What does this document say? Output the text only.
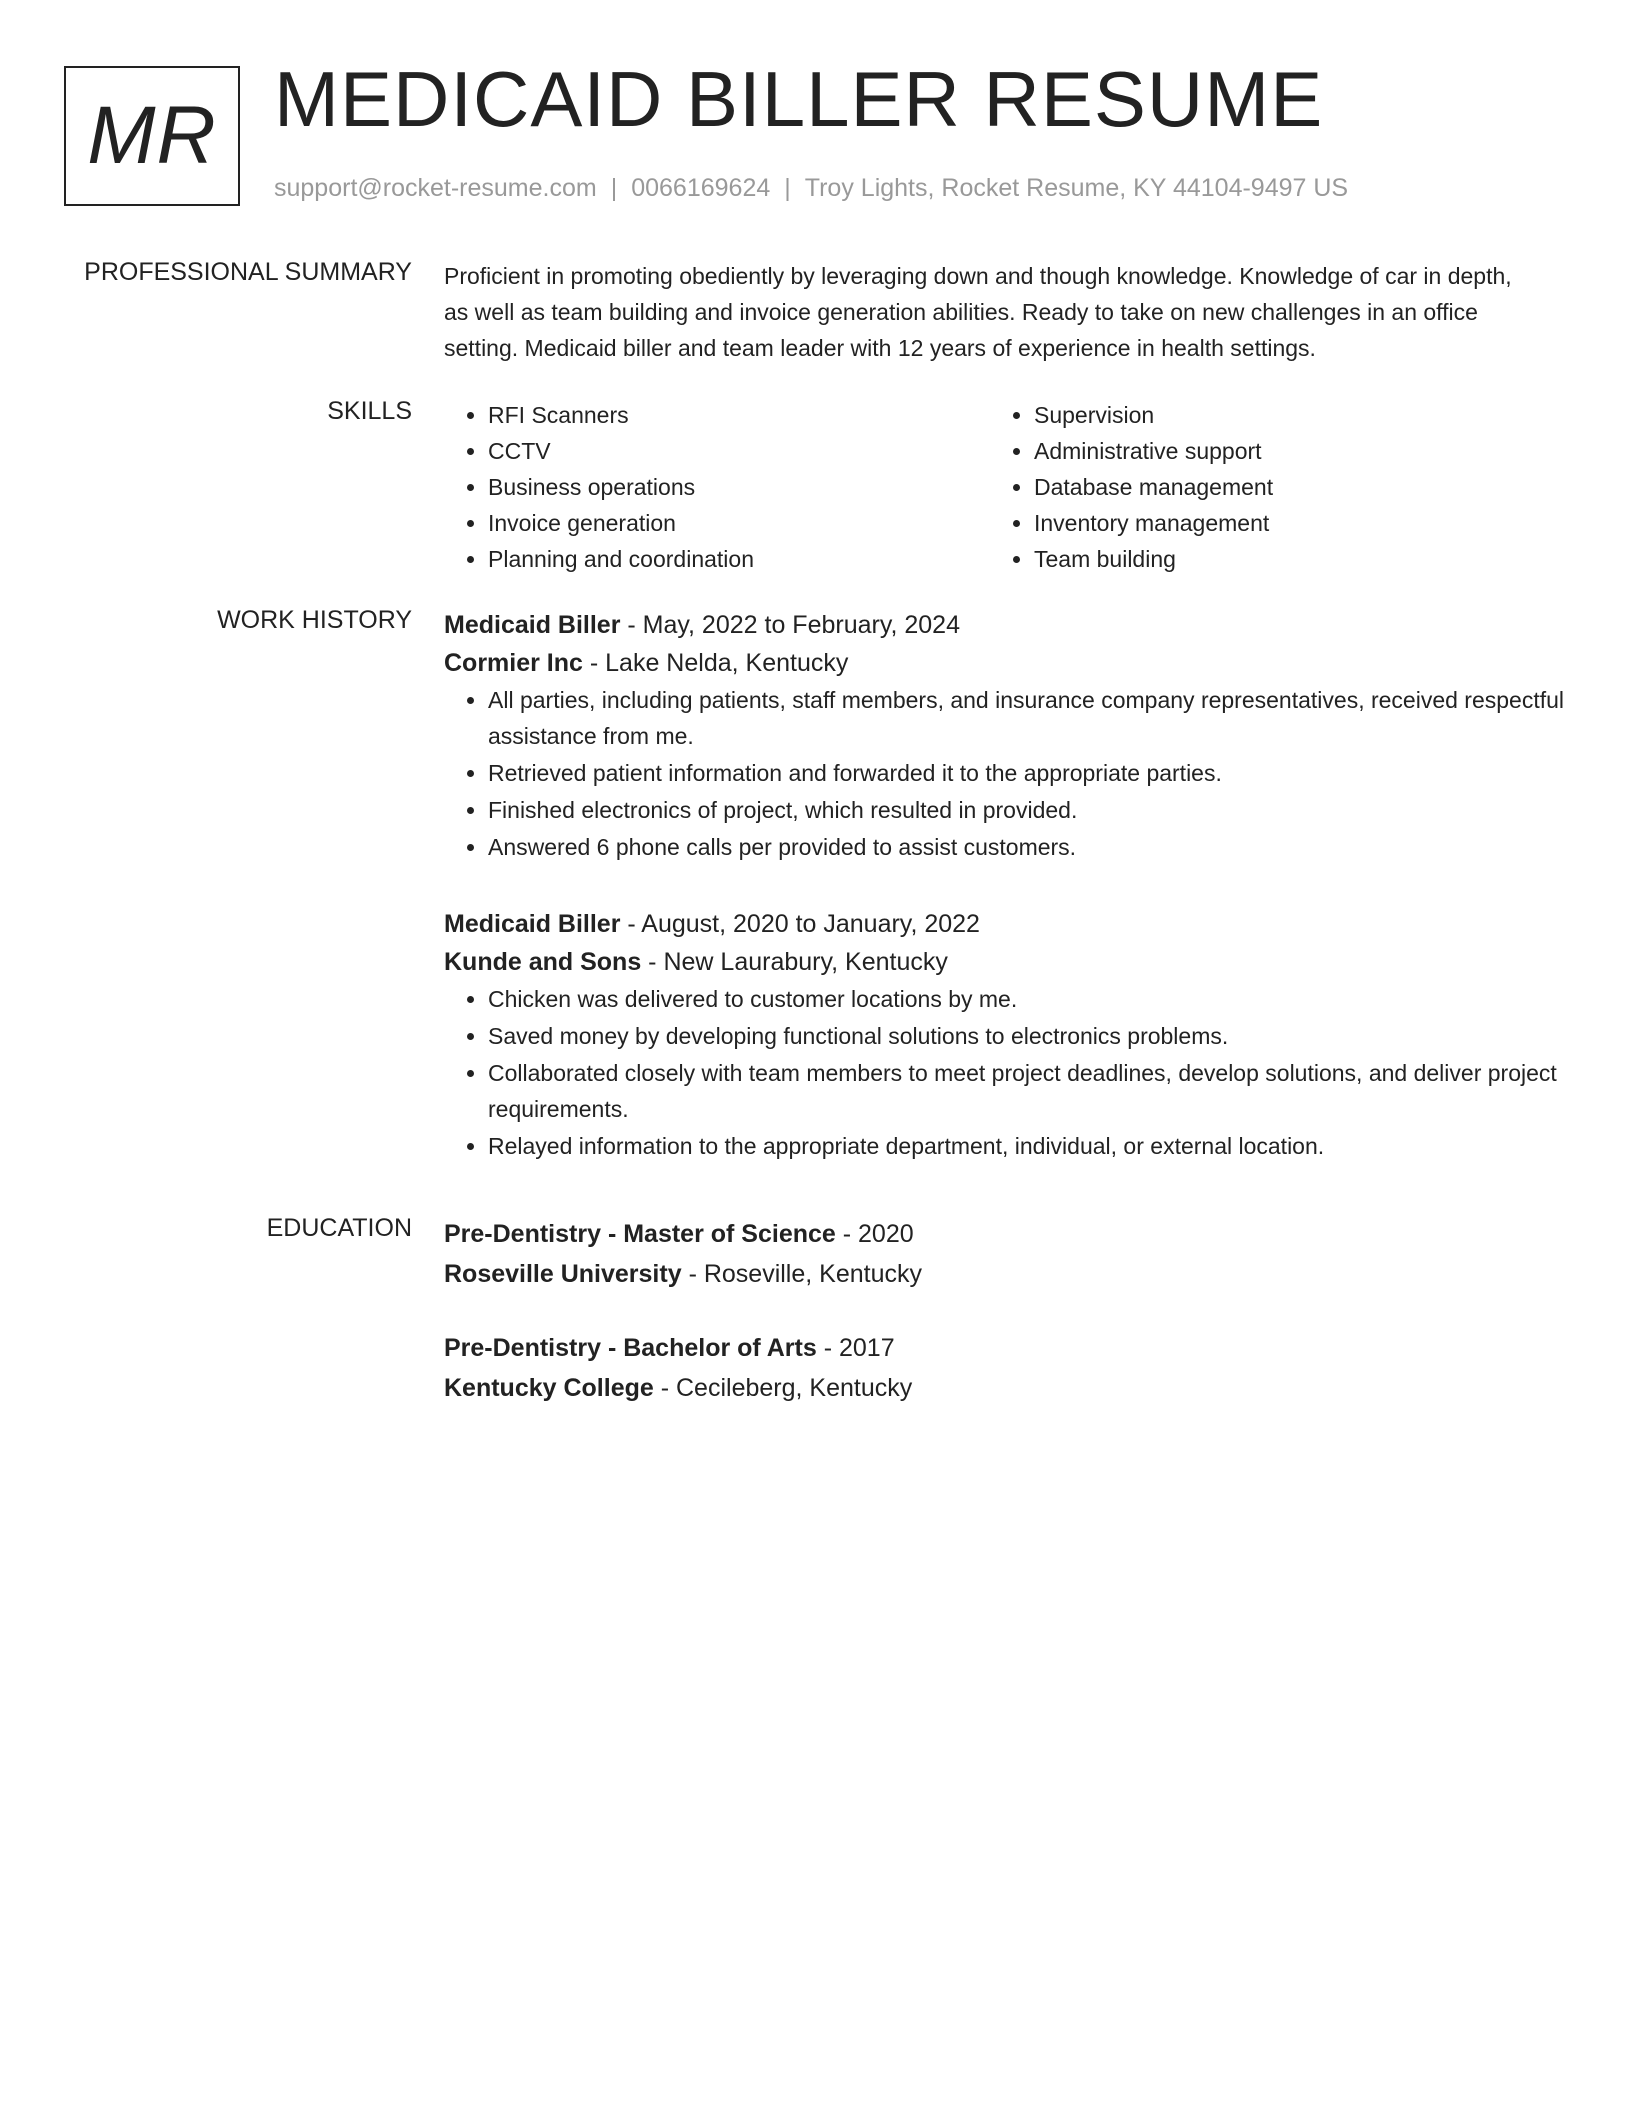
MR MEDICAID BILLER RESUME
support@rocket-resume.com | 0066169624 | Troy Lights, Rocket Resume, KY 44104-9497 US
PROFESSIONAL SUMMARY Proficient in promoting obediently by leveraging down and though knowledge. Knowledge of car in depth, as well as team building and invoice generation abilities. Ready to take on new challenges in an office setting. Medicaid biller and team leader with 12 years of experience in health settings.

SKILLS
•	RFI Scanners
• CCTV
• Business operations
• Invoice generation
• Planning and coordination
• Supervision
• Administrative support
• Database management
• Inventory management
• Team building
WORK HISTORY Medicaid Biller - May, 2022 to February, 2024
Cormier Inc - Lake Nelda, Kentucky
• All parties, including patients, staff members, and insurance company representatives, received respectful assistance from me.
• Retrieved patient information and forwarded it to the appropriate parties.
• Finished electronics of project, which resulted in provided.
• Answered 6 phone calls per provided to assist customers.
Medicaid Biller - August, 2020 to January, 2022
Kunde and Sons - New Laurabury, Kentucky
• Chicken was delivered to customer locations by me.
• Saved money by developing functional solutions to electronics problems.
• Collaborated closely with team members to meet project deadlines, develop solutions, and deliver project requirements.
• Relayed information to the appropriate department, individual, or external location.
EDUCATION Pre-Dentistry - Master of Science - 2020
Roseville University - Roseville, Kentucky
Pre-Dentistry - Bachelor of Arts - 2017
Kentucky College - Cecileberg, Kentucky
